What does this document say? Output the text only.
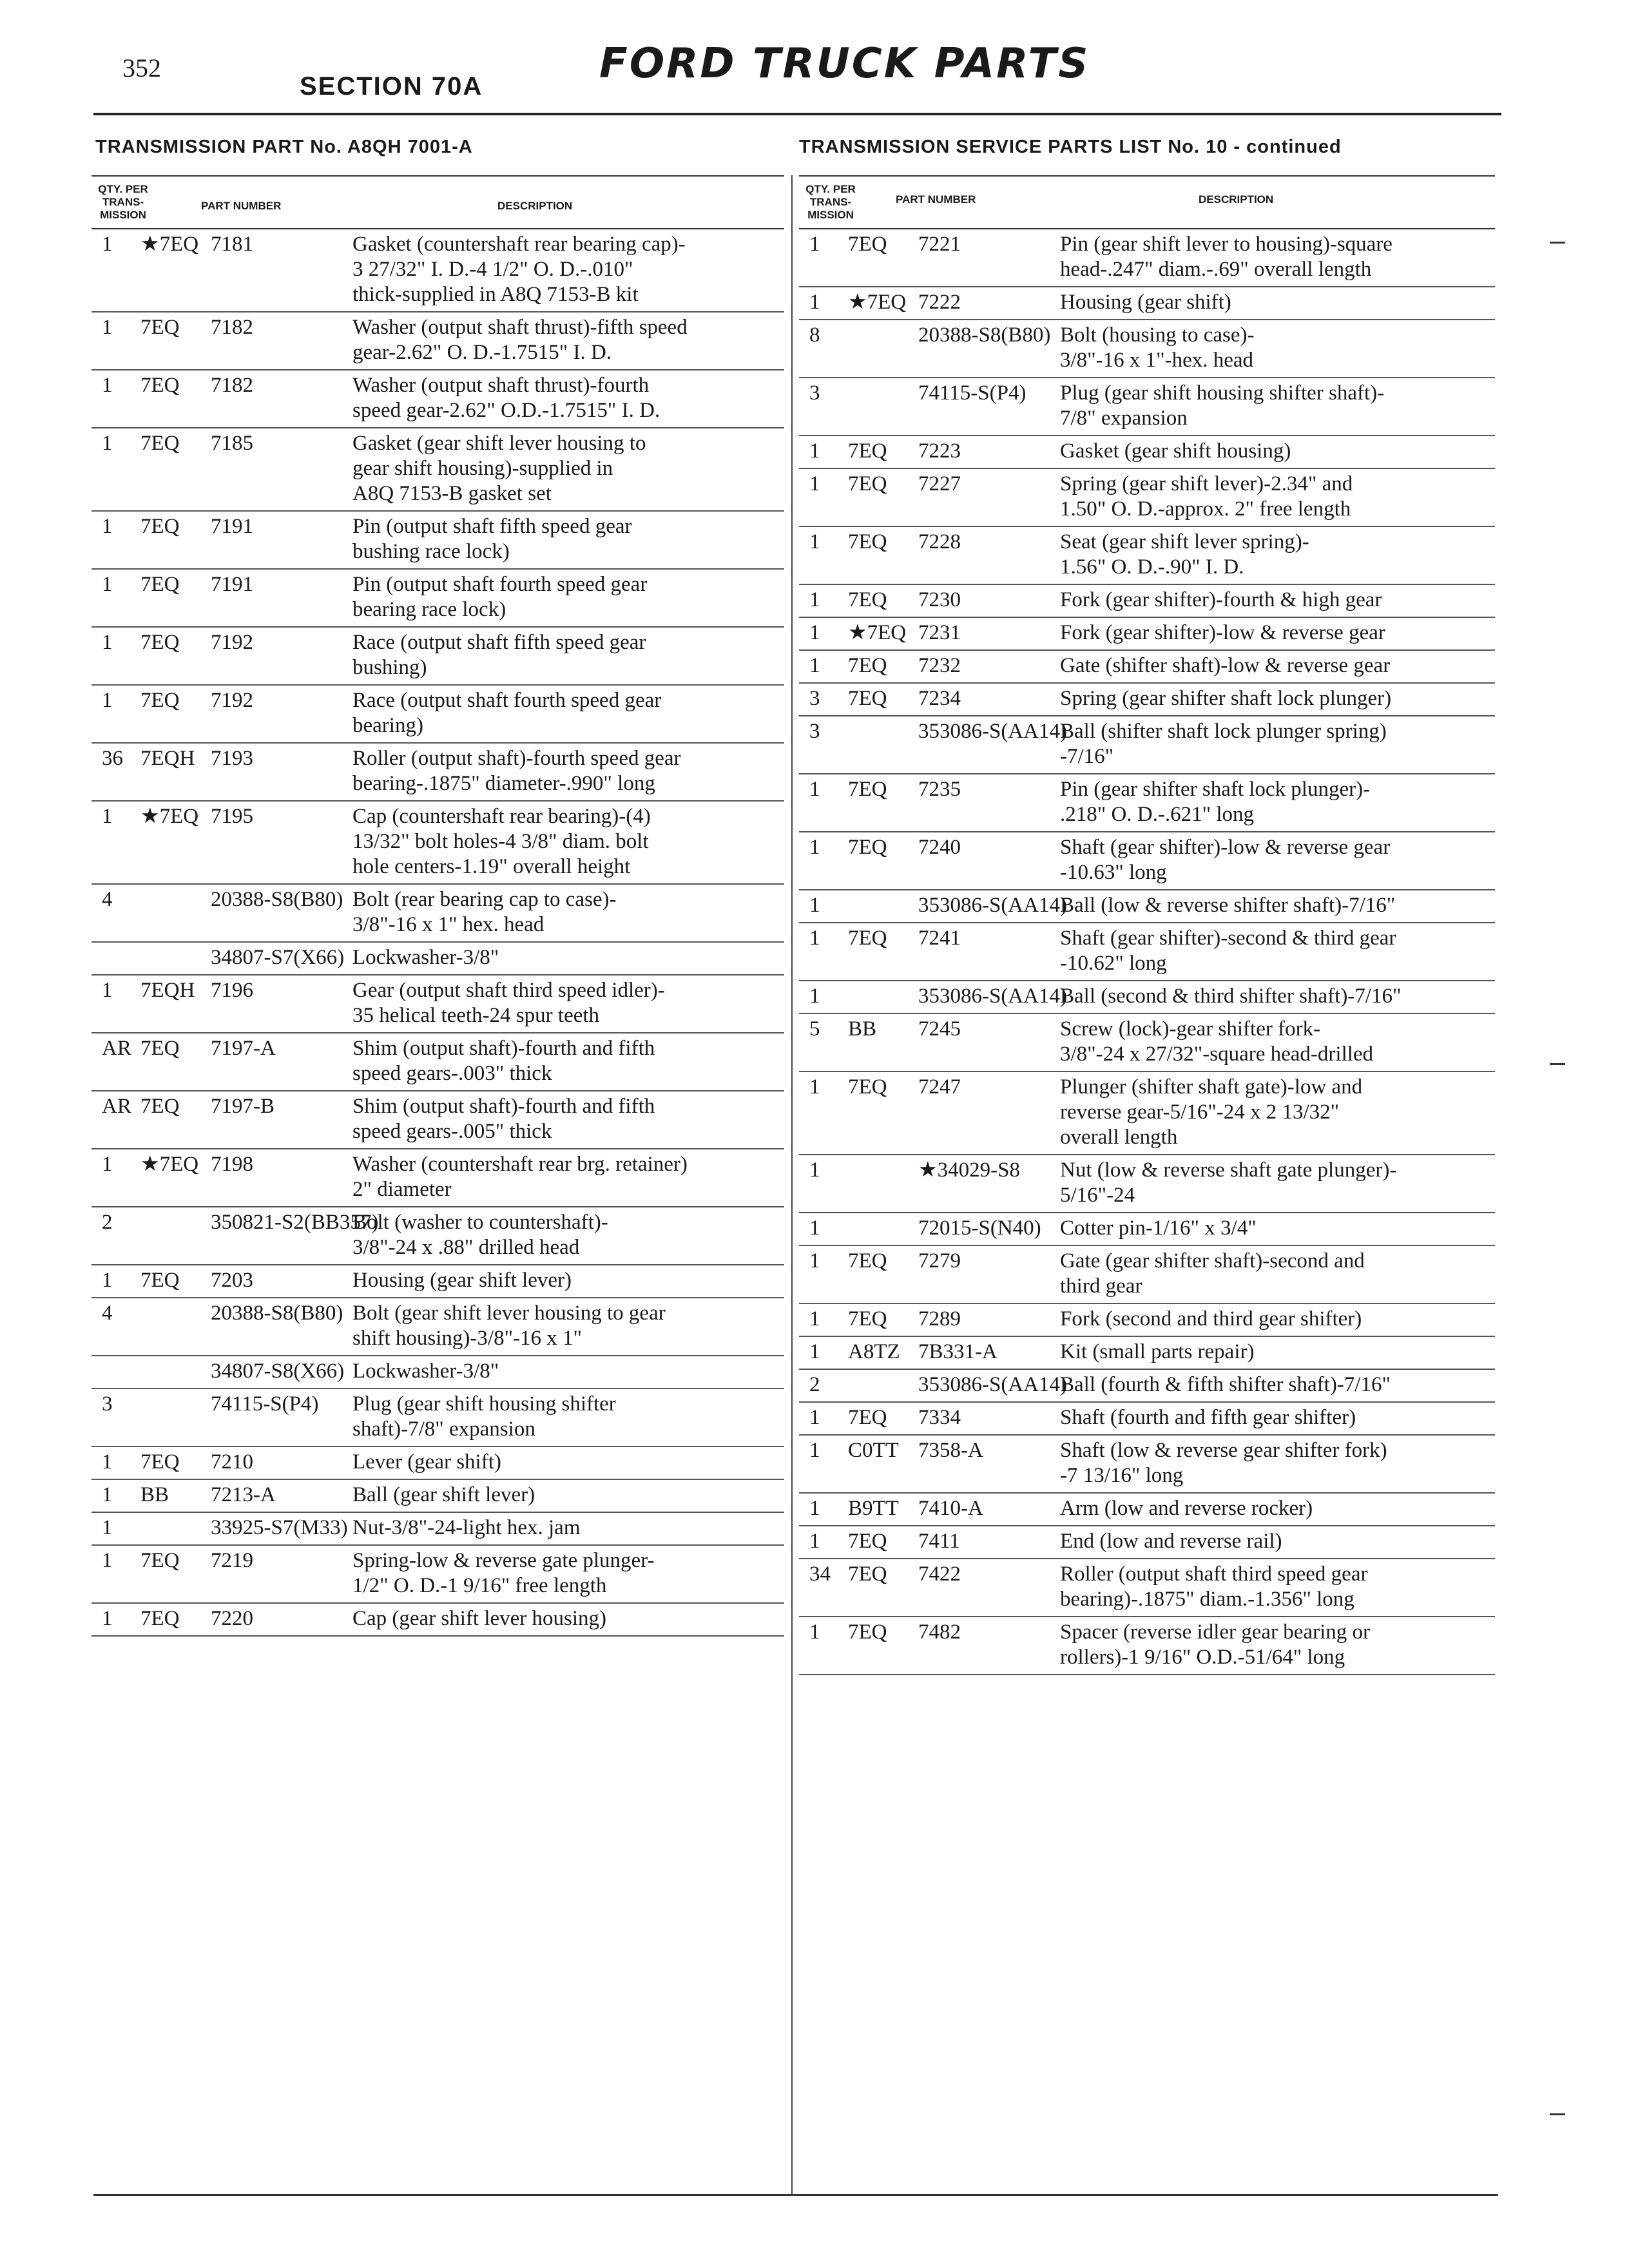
352
SECTION 70A	FORD TRUCK PARTS
TRANSMISSION PART No. A8QH 7001-A	TRANSMISSION SERVICE PARTS LIST No. 10 - continued
QTY. PER TRANS- MISSION
PART NUMBER	DESCRIPTION
1	★7EQ 7181	Gasket (countershaft rear bearing cap)-
3 27/32" I. D.-4 1/2" O. D.-.010"
thick-supplied in A8Q 7153-B kit
1	7EQ	7182	Washer (output shaft thrust)-fifth speed
gear-2.62" O. D.-1.7515" I. D.
1	7EQ	7182	Washer (output shaft thrust)-fourth
speed gear-2.62" O.D.-1.7515" I. D.
1	7EQ	7185	Gasket (gear shift lever housing to
gear shift housing)-supplied in
A8Q 7153-B gasket set
1	7EQ	7191	Pin (output shaft fifth speed gear
bushing race lock)
1	7EQ	7191	Pin (output shaft fourth speed gear
bearing race lock)
1	7EQ	7192	Race (output shaft fifth speed gear
bushing)
1	7EQ	7192	Race (output shaft fourth speed gear
bearing)
36 7EQH 7193	Roller (output shaft)-fourth speed gear
bearing-.1875" diameter-.990" long
1	★7EQ 7195	Cap (countershaft rear bearing)-(4)
13/32" bolt holes-4 3/8" diam. bolt
hole centers-1.19" overall height
4	20388-S8(B80) Bolt (rear bearing cap to case)-
3/8"-16 x 1" hex. head
34807-S7(X66) Lockwasher-3/8"
1	7EQH 7196	Gear (output shaft third speed idler)-
35 helical teeth-24 spur teeth
AR 7EQ	7197-A	Shim (output shaft)-fourth and fifth
speed gears-.003" thick
AR 7EQ	7197-B	Shim (output shaft)-fourth and fifth
speed gears-.005" thick
1	★7EQ 7198	Washer (countershaft rear brg. retainer)
2" diameter
2	350821-S2(BB357)
Bolt (washer to countershaft)-
3/8"-24 x .88" drilled head
1	7EQ	7203	Housing (gear shift lever)
4	20388-S8(B80) Bolt (gear shift lever housing to gear
shift housing)-3/8"-16 x 1"
34807-S8(X66) Lockwasher-3/8"
3	74115-S(P4)	Plug (gear shift housing shifter
shaft)-7/8" expansion
1	7EQ	7210	Lever (gear shift)
1	BB	7213-A	Ball (gear shift lever)
1	33925-S7(M33) Nut-3/8"-24-light hex. jam
1	7EQ	7219	Spring-low & reverse gate plunger-
1/2" O. D.-1 9/16" free length
1	7EQ	7220	Cap (gear shift lever housing)
QTY. PER TRANS- MISSION
PART NUMBER	DESCRIPTION
1	7EQ	7221	Pin (gear shift lever to housing)-square
head-.247" diam.-.69" overall length
1	★7EQ 7222	Housing (gear shift)
8	20388-S8(B80) Bolt (housing to case)-
3/8"-16 x 1"-hex. head
3	74115-S(P4)	Plug (gear shift housing shifter shaft)-
7/8" expansion
1	7EQ	7223	Gasket (gear shift housing)
1	7EQ	7227	Spring (gear shift lever)-2.34" and
1.50" O. D.-approx. 2" free length
1	7EQ	7228	Seat (gear shift lever spring)-
1.56" O. D.-.90" I. D.
1	7EQ	7230	Fork (gear shifter)-fourth & high gear
1	★7EQ 7231	Fork (gear shifter)-low & reverse gear
1	7EQ	7232	Gate (shifter shaft)-low & reverse gear
3	7EQ	7234	Spring (gear shifter shaft lock plunger)
3	353086-S(AA14)
Ball (shifter shaft lock plunger spring)
-7/16"
1	7EQ	7235	Pin (gear shifter shaft lock plunger)-
.218" O. D.-.621" long
1	7EQ	7240	Shaft (gear shifter)-low & reverse gear
-10.63" long
1	353086-S(AA14)
Ball (low & reverse shifter shaft)-7/16"
1	7EQ	7241	Shaft (gear shifter)-second & third gear
-10.62" long
1	353086-S(AA14)
Ball (second & third shifter shaft)-7/16"
5	BB	7245	Screw (lock)-gear shifter fork-
3/8"-24 x 27/32"-square head-drilled
1	7EQ	7247	Plunger (shifter shaft gate)-low and
reverse gear-5/16"-24 x 2 13/32"
overall length
1	★34029-S8	Nut (low & reverse shaft gate plunger)-
5/16"-24
1	72015-S(N40) Cotter pin-1/16" x 3/4"
1	7EQ	7279	Gate (gear shifter shaft)-second and
third gear
1	7EQ	7289	Fork (second and third gear shifter)
1	A8TZ 7B331-A	Kit (small parts repair)
2	353086-S(AA14)
Ball (fourth & fifth shifter shaft)-7/16"
1	7EQ	7334	Shaft (fourth and fifth gear shifter)
1	C0TT 7358-A	Shaft (low & reverse gear shifter fork)
-7 13/16" long
1	B9TT 7410-A	Arm (low and reverse rocker)
1	7EQ	7411	End (low and reverse rail)
34 7EQ	7422	Roller (output shaft third speed gear
bearing)-.1875" diam.-1.356" long
1	7EQ	7482	Spacer (reverse idler gear bearing or
rollers)-1 9/16" O.D.-51/64" long
